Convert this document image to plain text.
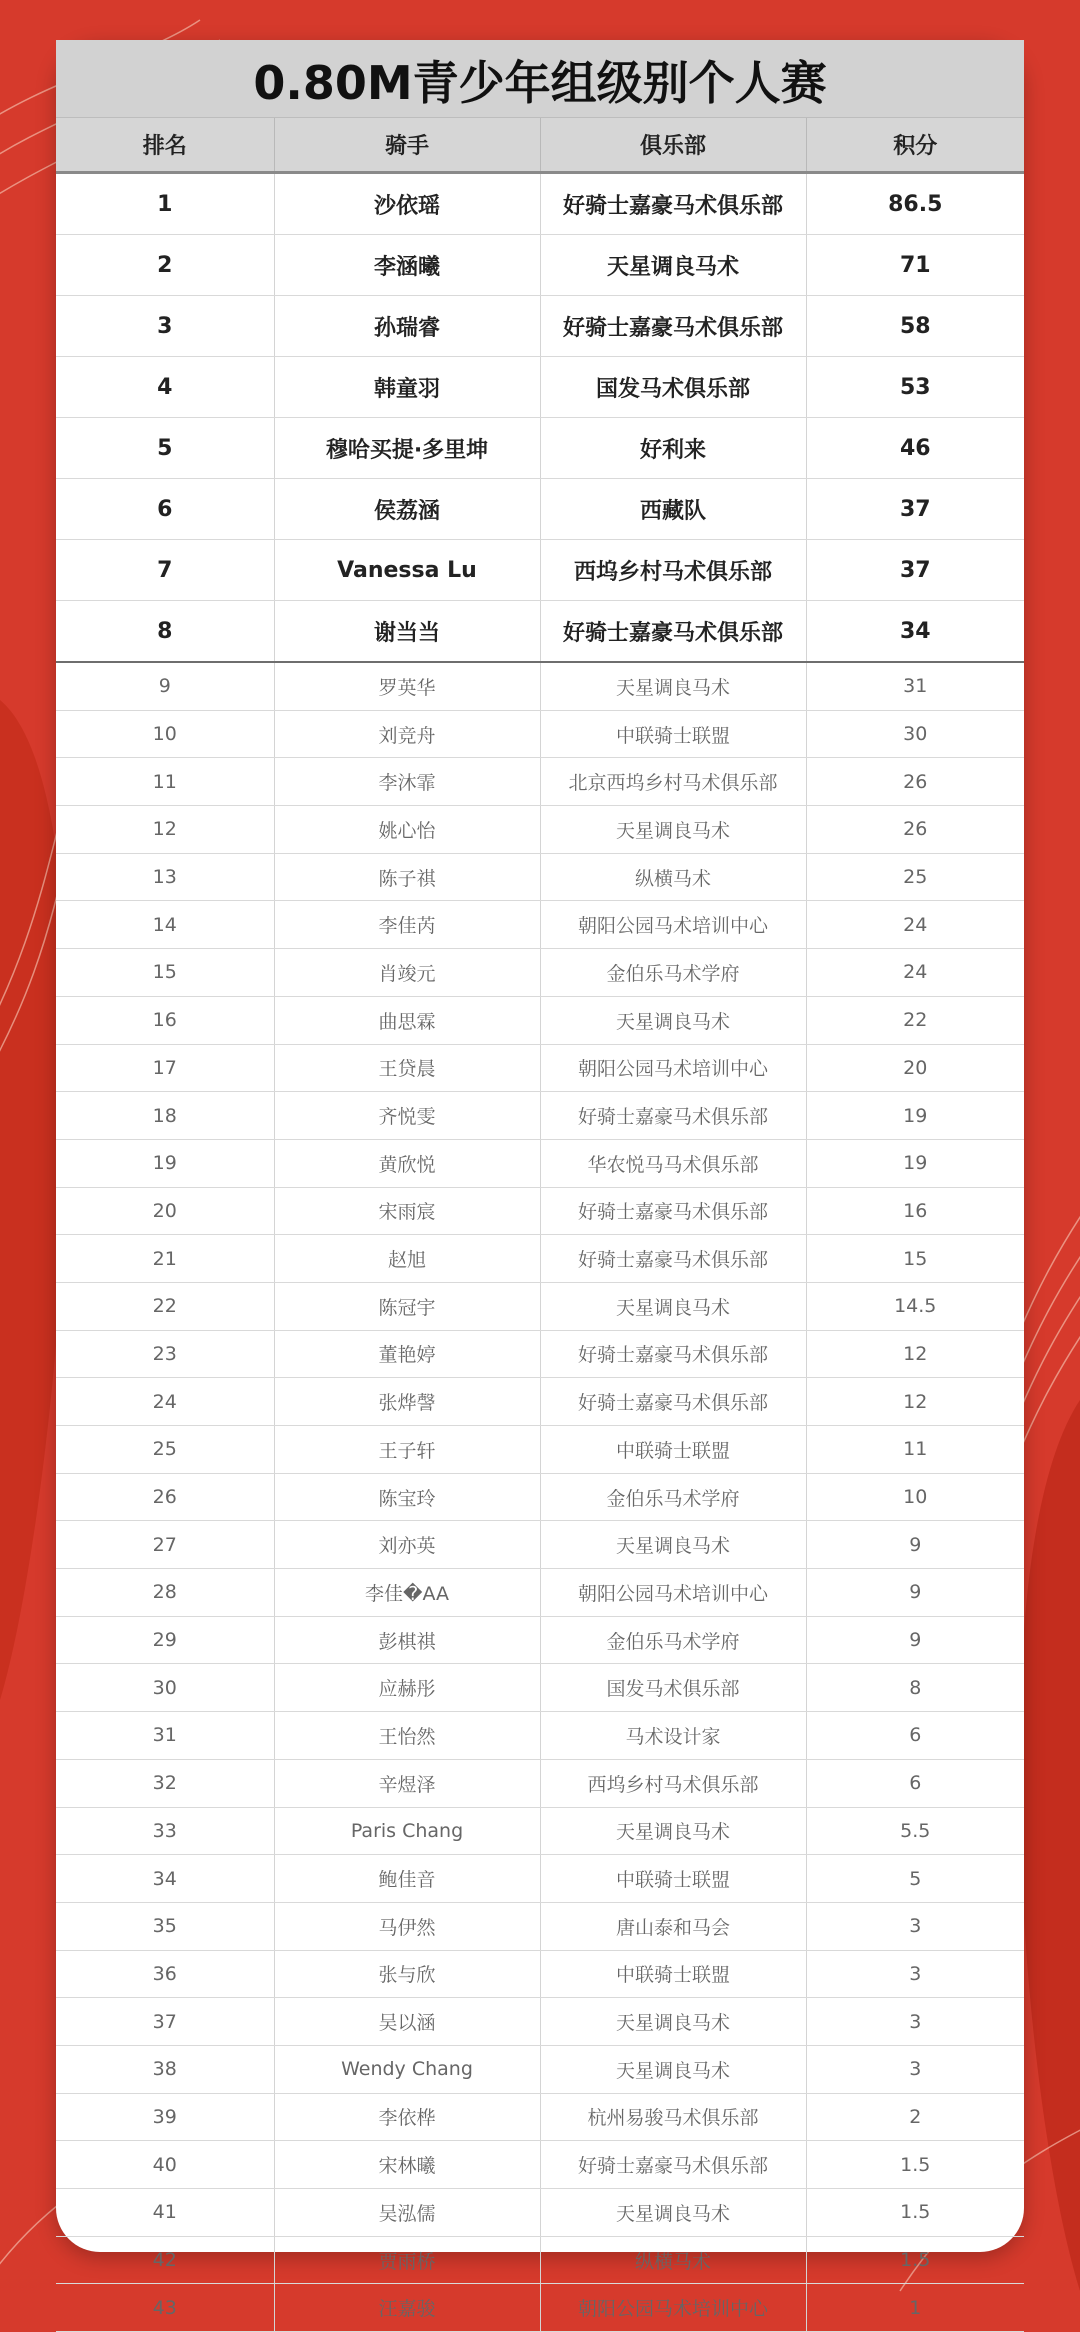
0.80M青少年组级别个人赛
排名	骑手	俱乐部	积分
1	沙依瑶	好骑士嘉豪马术俱乐部	86.5
2	李涵曦	天星调良马术	71
3	孙瑞睿	好骑士嘉豪马术俱乐部	58
4	韩童羽	国发马术俱乐部	53
5	穆哈买提·多里坤	好利来	46
6	侯荔涵	西藏队	37
7	Vanessa Lu	西坞乡村马术俱乐部	37
8	谢当当	好骑士嘉豪马术俱乐部	34
9	罗英华	天星调良马术	31
10	刘竞舟	中联骑士联盟	30
11	李沐霏	北京西坞乡村马术俱乐部	26
12	姚心怡	天星调良马术	26
13	陈子祺	纵横马术	25
14	李佳芮	朝阳公园马术培训中心	24
15	肖竣元	金伯乐马术学府	24
16	曲思霖	天星调良马术	22
17	王贷晨	朝阳公园马术培训中心	20
18	齐悦雯	好骑士嘉豪马术俱乐部	19
19	黄欣悦	华农悦马马术俱乐部	19
20	宋雨宸	好骑士嘉豪马术俱乐部	16
21	赵旭	好骑士嘉豪马术俱乐部	15
22	陈冠宇	天星调良马术	14.5
23	董艳婷	好骑士嘉豪马术俱乐部	12
24	张烨謦	好骑士嘉豪马术俱乐部	12
25	王子轩	中联骑士联盟	11
26	陈宝玲	金伯乐马术学府	10
27	刘亦英	天星调良马术	9
28	李佳�AA	朝阳公园马术培训中心	9
29	彭棋祺	金伯乐马术学府	9
30	应赫彤	国发马术俱乐部	8
31	王怡然	马术设计家	6
32	辛煜泽	西坞乡村马术俱乐部	6
33	Paris Chang	天星调良马术	5.5
34	鲍佳音	中联骑士联盟	5
35	马伊然	唐山泰和马会	3
36	张与欣	中联骑士联盟	3
37	吴以涵	天星调良马术	3
38	Wendy Chang	天星调良马术	3
39	李依桦	杭州易骏马术俱乐部	2
40	宋林曦	好骑士嘉豪马术俱乐部	1.5
41	吴泓儒	天星调良马术	1.5
42	贾雨桥	纵横马术	1.5
43	汪嘉骏	朝阳公园马术培训中心	1
